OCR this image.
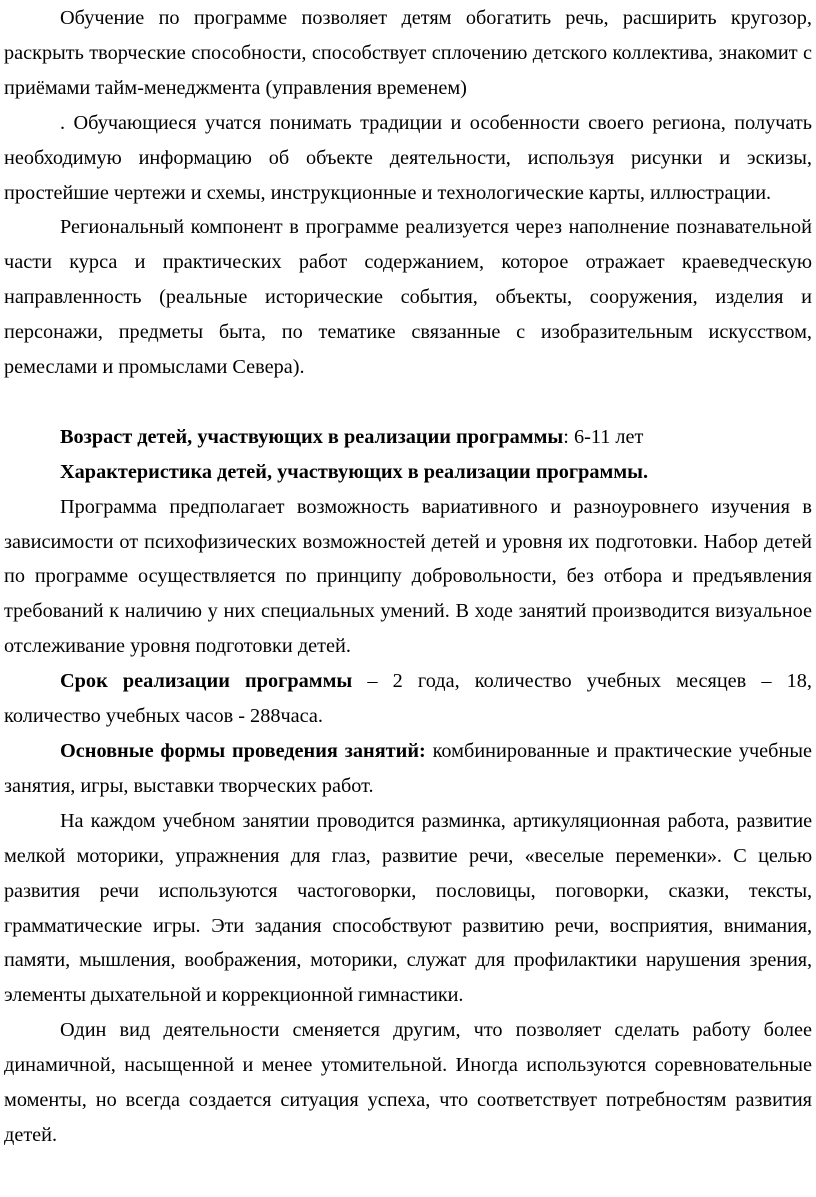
Обучение по программе позволяет детям обогатить речь, расширить кругозор, раскрыть творческие способности, способствует сплочению детского коллектива, знакомит с приёмами тайм-менеджмента (управления временем)

. Обучающиеся учатся понимать традиции и особенности своего региона, получать необходимую информацию об объекте деятельности, используя рисунки и эскизы, простейшие чертежи и схемы, инструкционные и технологические карты, иллюстрации.

Региональный компонент в программе реализуется через наполнение познавательной части курса и практических работ содержанием, которое отражает краеведческую направленность (реальные исторические события, объекты, сооружения, изделия и персонажи, предметы быта, по тематике связанные с изобразительным искусством, ремеслами и промыслами Севера).

Возраст детей, участвующих в реализации программы: 6-11 лет

Характеристика детей, участвующих в реализации программы.

Программа предполагает возможность вариативного и разноуровнего изучения в зависимости от психофизических возможностей детей и уровня их подготовки. Набор детей по программе осуществляется по принципу добровольности, без отбора и предъявления требований к наличию у них специальных умений. В ходе занятий производится визуальное отслеживание уровня подготовки детей.

Срок реализации программы – 2 года, количество учебных месяцев – 18, количество учебных часов - 288часа.

Основные формы проведения занятий: комбинированные и практические учебные занятия, игры, выставки творческих работ.

На каждом учебном занятии проводится разминка, артикуляционная работа, развитие мелкой моторики, упражнения для глаз, развитие речи, «веселые переменки». С целью развития речи используются частоговорки, пословицы, поговорки, сказки, тексты, грамматические игры. Эти задания способствуют развитию речи, восприятия, внимания, памяти, мышления, воображения, моторики, служат для профилактики нарушения зрения, элементы дыхательной и коррекционной гимнастики.

Один вид деятельности сменяется другим, что позволяет сделать работу более динамичной, насыщенной и менее утомительной. Иногда используются соревновательные моменты, но всегда создается ситуация успеха, что соответствует потребностям развития детей.
